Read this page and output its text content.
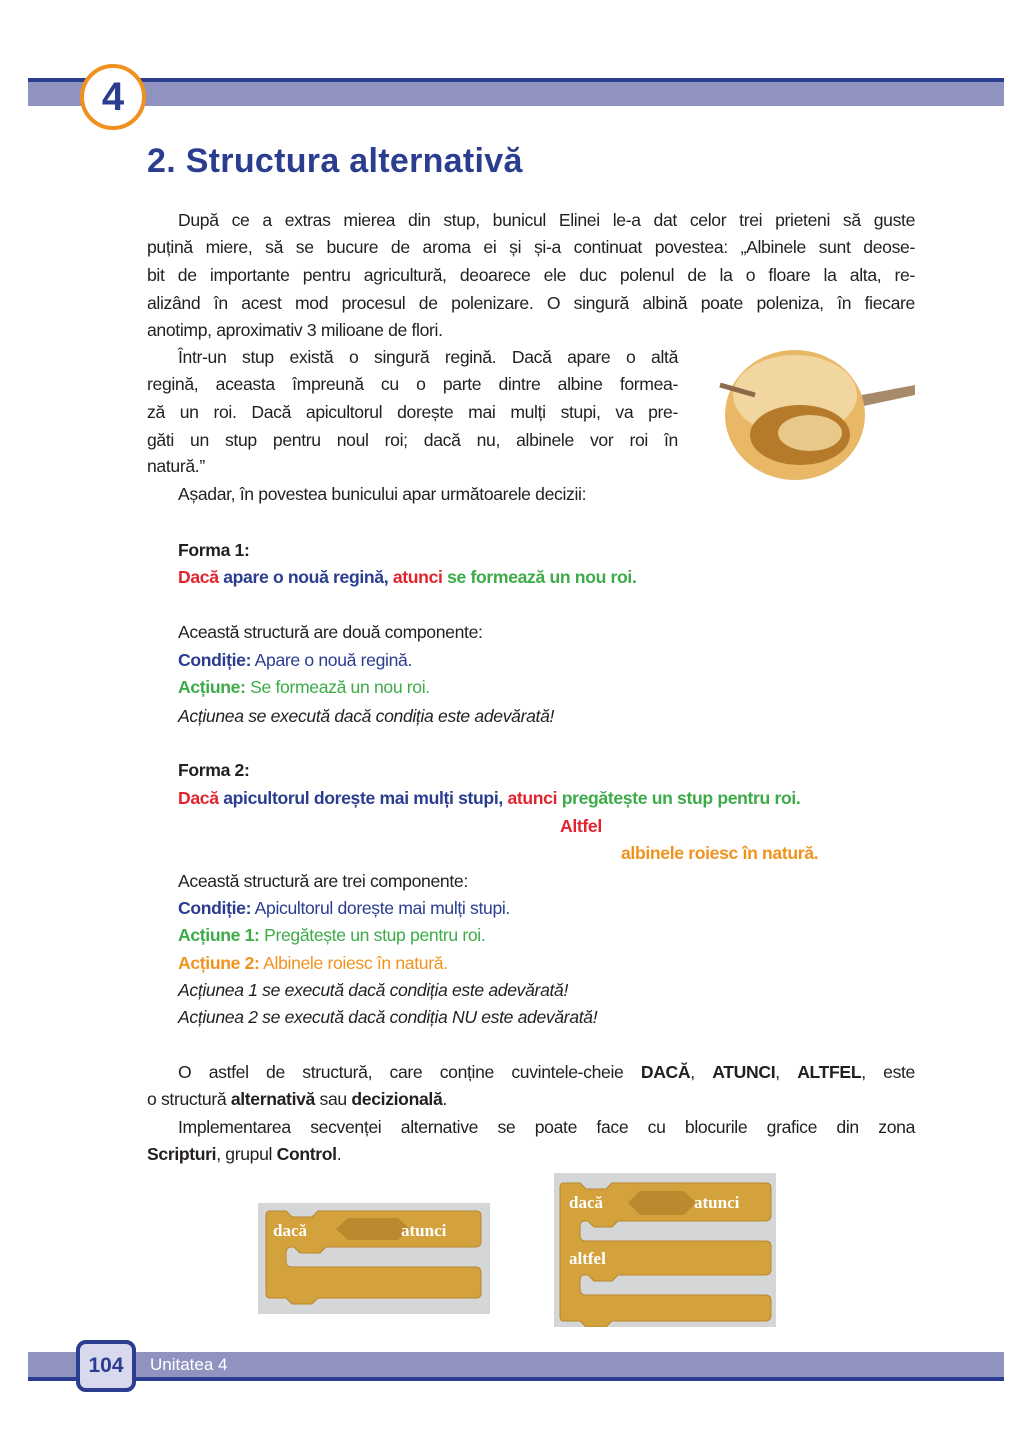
4
2. Structura alternativă
După ce a extras mierea din stup, bunicul Elinei le-a dat celor trei prieteni să guste
puțină miere, să se bucure de aroma ei și și-a continuat povestea: „Albinele sunt deose-
bit de importante pentru agricultură, deoarece ele duc polenul de la o floare la alta, re-
alizând în acest mod procesul de polenizare. O singură albină poate poleniza, în fiecare
anotimp, aproximativ 3 milioane de flori.
Într-un stup există o singură regină. Dacă apare o altă
regină, aceasta împreună cu o parte dintre albine formea-
ză un roi. Dacă apicultorul dorește mai mulți stupi, va pre-
găti un stup pentru noul roi; dacă nu, albinele vor roi în
natură.”
Așadar, în povestea bunicului apar următoarele decizii:
Forma 1:
Dacă apare o nouă regină, atunci se formează un nou roi.
Această structură are două componente:
Condiție: Apare o nouă regină.
Acțiune: Se formează un nou roi.
Acțiunea se execută dacă condiția este adevărată!
Forma 2:
Dacă apicultorul dorește mai mulți stupi, atunci pregătește un stup pentru roi.
Altfel
albinele roiesc în natură.
Această structură are trei componente:
Condiție: Apicultorul dorește mai mulți stupi.
Acțiune 1: Pregătește un stup pentru roi.
Acțiune 2: Albinele roiesc în natură.
Acțiunea 1 se execută dacă condiția este adevărată!
Acțiunea 2 se execută dacă condiția NU este adevărată!
O astfel de structură, care conține cuvintele-cheie DACĂ, ATUNCI, ALTFEL, este
o structură alternativă sau decizională.
Implementarea secvenței alternative se poate face cu blocurile grafice din zona
Scripturi, grupul Control.
dacă	atunci
dacă	atunci
altfel
104	Unitatea 4
